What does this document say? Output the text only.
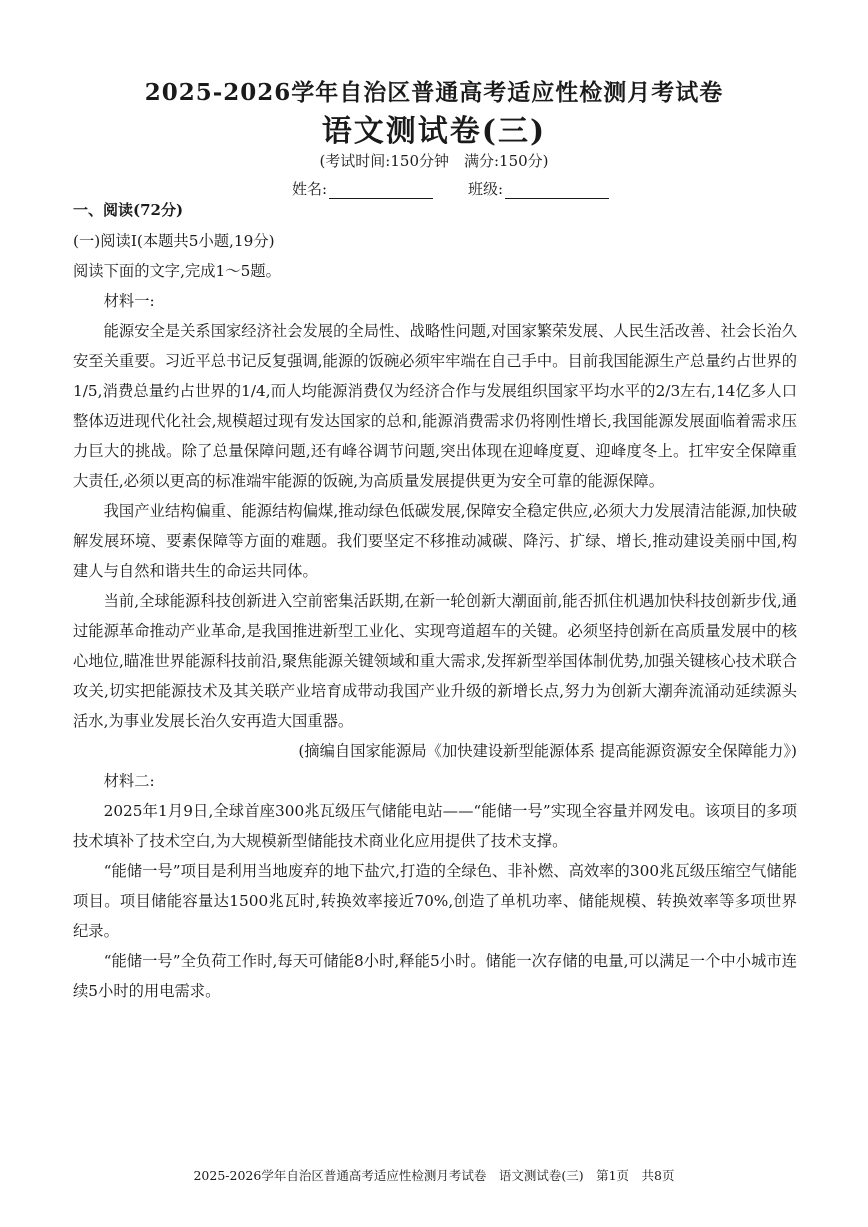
2025-2026学年自治区普通高考适应性检测月考试卷
语文测试卷(三)
(考试时间:150分钟　满分:150分)
姓名:	班级:
一、阅读(72分)

(一)阅读Ⅰ(本题共5小题,19分)

阅读下面的文字,完成1～5题。

材料一:

能源安全是关系国家经济社会发展的全局性、战略性问题,对国家繁荣发展、人民生活改善、社会长治久安至关重要。习近平总书记反复强调,能源的饭碗必须牢牢端在自己手中。目前我国能源生产总量约占世界的1/5,消费总量约占世界的1/4,而人均能源消费仅为经济合作与发展组织国家平均水平的2/3左右,14亿多人口整体迈进现代化社会,规模超过现有发达国家的总和,能源消费需求仍将刚性增长,我国能源发展面临着需求压力巨大的挑战。除了总量保障问题,还有峰谷调节问题,突出体现在迎峰度夏、迎峰度冬上。扛牢安全保障重大责任,必须以更高的标准端牢能源的饭碗,为高质量发展提供更为安全可靠的能源保障。

我国产业结构偏重、能源结构偏煤,推动绿色低碳发展,保障安全稳定供应,必须大力发展清洁能源,加快破解发展环境、要素保障等方面的难题。我们要坚定不移推动减碳、降污、扩绿、增长,推动建设美丽中国,构建人与自然和谐共生的命运共同体。

当前,全球能源科技创新进入空前密集活跃期,在新一轮创新大潮面前,能否抓住机遇加快科技创新步伐,通过能源革命推动产业革命,是我国推进新型工业化、实现弯道超车的关键。必须坚持创新在高质量发展中的核心地位,瞄准世界能源科技前沿,聚焦能源关键领域和重大需求,发挥新型举国体制优势,加强关键核心技术联合攻关,切实把能源技术及其关联产业培育成带动我国产业升级的新增长点,努力为创新大潮奔流涌动延续源头活水,为事业发展长治久安再造大国重器。

(摘编自国家能源局《加快建设新型能源体系 提高能源资源安全保障能力》)

材料二:

2025年1月9日,全球首座300兆瓦级压气储能电站——“能储一号”实现全容量并网发电。该项目的多项技术填补了技术空白,为大规模新型储能技术商业化应用提供了技术支撑。

“能储一号”项目是利用当地废弃的地下盐穴,打造的全绿色、非补燃、高效率的300兆瓦级压缩空气储能项目。项目储能容量达1500兆瓦时,转换效率接近70%,创造了单机功率、储能规模、转换效率等多项世界纪录。

“能储一号”全负荷工作时,每天可储能8小时,释能5小时。储能一次存储的电量,可以满足一个中小城市连续5小时的用电需求。

2025-2026学年自治区普通高考适应性检测月考试卷　语文测试卷(三)　第1页　共8页
